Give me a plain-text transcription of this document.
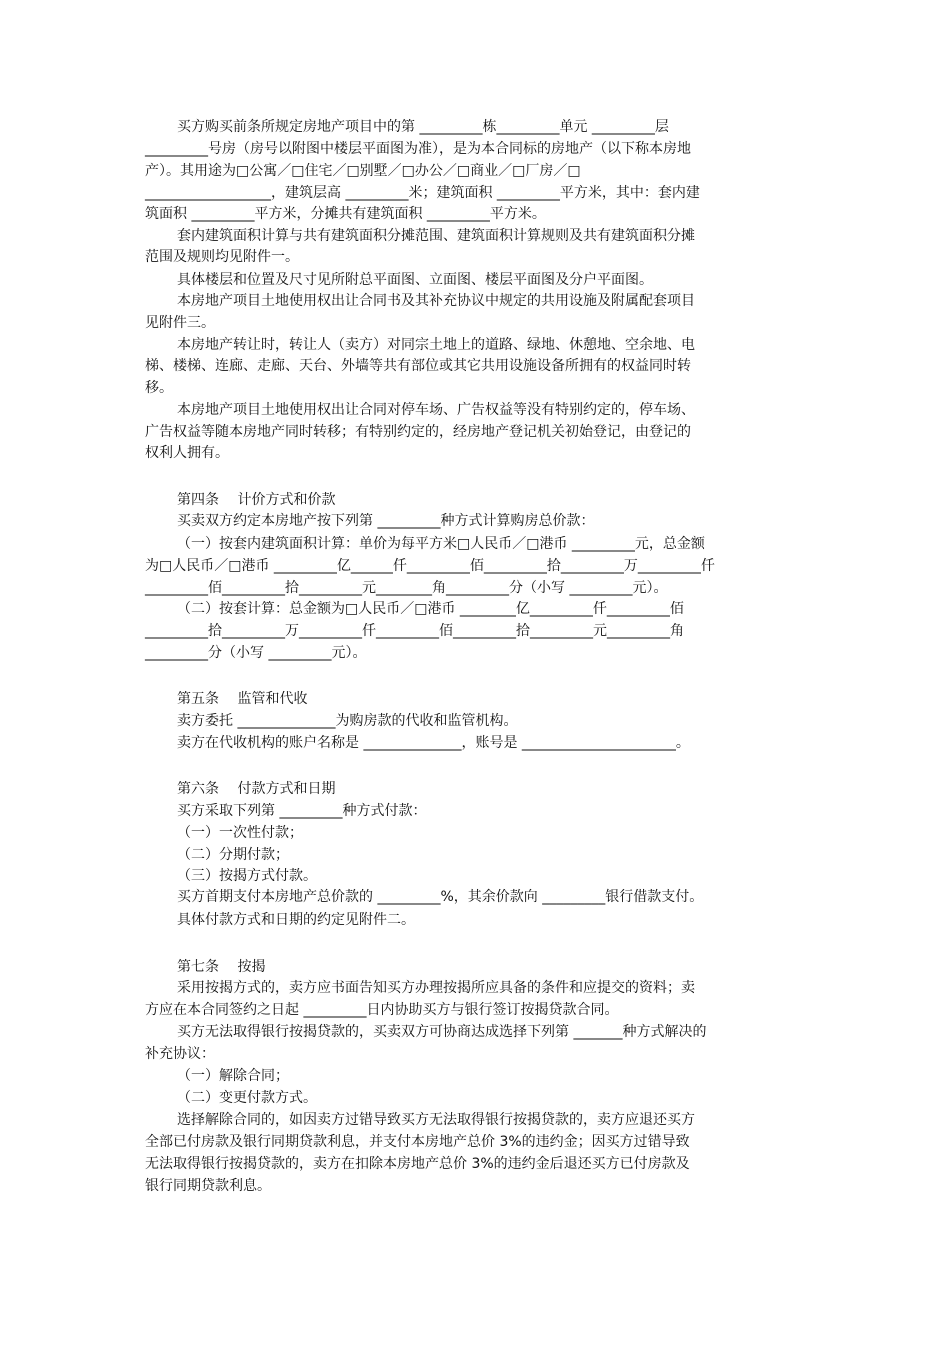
买方购买前条所规定房地产项目中的第 _________栋_________单元 _________层
_________号房（房号以附图中楼层平面图为准），是为本合同标的房地产（以下称本房地
产）。其用途为□公寓／□住宅／□别墅／□办公／□商业／□厂房／□
__________________，建筑层高 _________米；建筑面积 _________平方米，其中：套内建
筑面积 _________平方米，分摊共有建筑面积 _________平方米。
套内建筑面积计算与共有建筑面积分摊范围、建筑面积计算规则及共有建筑面积分摊
范围及规则均见附件一。
具体楼层和位置及尺寸见所附总平面图、立面图、楼层平面图及分户平面图。
本房地产项目土地使用权出让合同书及其补充协议中规定的共用设施及附属配套项目
见附件三。
本房地产转让时，转让人（卖方）对同宗土地上的道路、绿地、休憩地、空余地、电
梯、楼梯、连廊、走廊、天台、外墙等共有部位或其它共用设施设备所拥有的权益同时转
移。
本房地产项目土地使用权出让合同对停车场、广告权益等没有特别约定的，停车场、
广告权益等随本房地产同时转移；有特别约定的，经房地产登记机关初始登记，由登记的
权利人拥有。
第四条　 计价方式和价款
买卖双方约定本房地产按下列第 _________种方式计算购房总价款：
（一）按套内建筑面积计算：单价为每平方米□人民币／□港币 _________元，总金额
为□人民币／□港币 _________亿______仟_________佰_________拾_________万_________仟
_________佰_________拾_________元________角_________分（小写 _________元）。
（二）按套计算：总金额为□人民币／□港币 ________亿_________仟_________佰
_________拾_________万_________仟_________佰_________拾_________元_________角
_________分（小写 _________元）。
第五条　 监管和代收
卖方委托 ______________为购房款的代收和监管机构。
卖方在代收机构的账户名称是 ______________，账号是 ______________________。
第六条　 付款方式和日期
买方采取下列第 _________种方式付款：
（一）一次性付款；
（二）分期付款；
（三）按揭方式付款。
买方首期支付本房地产总价款的 _________%，其余价款向 _________银行借款支付。
具体付款方式和日期的约定见附件二。
第七条　 按揭
采用按揭方式的，卖方应书面告知买方办理按揭所应具备的条件和应提交的资料；卖
方应在本合同签约之日起 _________日内协助买方与银行签订按揭贷款合同。
买方无法取得银行按揭贷款的，买卖双方可协商达成选择下列第 _______种方式解决的
补充协议：
（一）解除合同；
（二）变更付款方式。
选择解除合同的，如因卖方过错导致买方无法取得银行按揭贷款的，卖方应退还买方
全部已付房款及银行同期贷款利息，并支付本房地产总价 3%的违约金；因买方过错导致
无法取得银行按揭贷款的，卖方在扣除本房地产总价 3%的违约金后退还买方已付房款及
银行同期贷款利息。
